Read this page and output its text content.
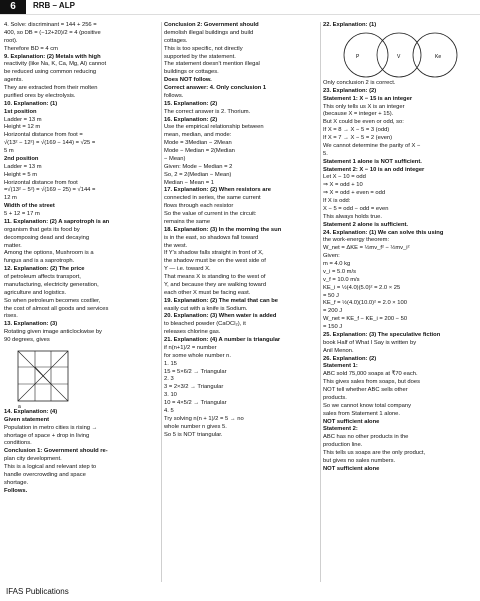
6	RRB – ALP

4. Solve: discriminant = 144 + 256 =

400, so DB = (−12+20)/2 = 4 (positive

root).

Therefore BD = 4 cm

9. Explanation: (2) Metals with high

reactivity (like Na, K, Ca, Mg, Al) cannot

be reduced using common reducing

agents.

They are extracted from their molten

purified ores by electrolysis.

10. Explanation: (1)

1st position

Ladder = 13 m

Height = 12 m

Horizontal distance from foot =

√(13² − 12²) = √(169 − 144) = √25 =

5 m

2nd position

Ladder = 13 m

Height = 5 m

Horizontal distance from foot

=√(13² − 5²) = √(169 − 25) = √144 =

12 m

Width of the street

5 + 12 = 17 m

11. Explanation: (2) A saprotroph is an

organism that gets its food by

decomposing dead and decaying

matter.

Among the options, Mushroom is a

fungus and is a saprotroph.

12. Explanation: (2) The price

of petroleum affects transport,

manufacturing, electricity generation,

agriculture and logistics.

So when petroleum becomes costlier,

the cost of almost all goods and services

rises.

13. Explanation: (3)

Rotating given image anticlockwise by

90 degrees, gives

a

14. Explanation: (4)

Given statement

Population in metro cities is rising →

shortage of space + drop in living

conditions.

Conclusion 1: Government should re-

plan city development.

This is a logical and relevant step to

handle overcrowding and space

shortage.

Follows.

Conclusion 2: Government should

demolish illegal buildings and build

cottages.

This is too specific, not directly

supported by the statement.

The statement doesn't mention illegal

buildings or cottages.

Does NOT follow.

Correct answer: 4. Only conclusion 1

follows.

15. Explanation: (2)

The correct answer is 2. Thorium.

16. Explanation: (2)

Use the empirical relationship between

mean, median, and mode:

Mode = 3Median − 2Mean

Mode − Median = 2(Median

− Mean)

Given: Mode − Median = 2

So, 2 = 2(Median − Mean)

Median − Mean = 1

17. Explanation: (2) When resistors are

connected in series, the same current

flows through each resistor

So the value of current in the circuit:

remains the same

18. Explanation: (3) In the morning the sun

is in the east, so shadows fall toward

the west.

If Y's shadow falls straight in front of X,

the shadow must be on the west side of

Y — i.e. toward X.

That means X is standing to the west of

Y, and because they are walking toward

each other X must be facing east.

19. Explanation: (2) The metal that can be

easily cut with a knife is Sodium.

20. Explanation: (3) When water is added

to bleached powder (CaOCl₂), it

releases chlorine gas.

21. Explanation: (4) A number is triangular

if n(n+1)/2 = number

for some whole number n.

1. 15

15 = 5×6/2 → Triangular

2. 3

3 = 2×3/2 → Triangular

3. 10

10 = 4×5/2 → Triangular

4. 5

Try solving n(n + 1)/2 = 5 → no

whole number n gives 5.

So 5 is NOT triangular.

22. Explanation: (1)

P	V	Ke

Only conclusion 2 is correct.

23. Explanation: (2)

Statement 1: X − 15 is an integer

This only tells us X is an integer

(because X = integer + 15).

But X could be even or odd, so:

If X = 8 → X − 5 = 3 (odd)

If X = 7 → X − 5 = 2 (even)

We cannot determine the parity of X −

5.

Statement 1 alone is NOT sufficient.

Statement 2: X − 10 is an odd integer

Let X − 10 = odd

⇒ X = odd + 10

⇒ X = odd + even = odd

If X is odd:

X − 5 = odd − odd = even

This always holds true.

Statement 2 alone is sufficient.

24. Explanation: (1) We can solve this using

the work-energy theorem:

W_net = ΔKE = ½mv_f² − ½mv_i²

Given:

m = 4.0 kg

v_i = 5.0 m/s

v_f = 10.0 m/s

KE_i = ½(4.0)(5.0)² = 2.0 × 25

= 50 J

KE_f = ½(4.0)(10.0)² = 2.0 × 100

= 200 J

W_net = KE_f − KE_i = 200 − 50

= 150 J

25. Explanation: (3) The speculative fiction

book Half of What I Say is written by

Anil Menon.

26. Explanation: (2)

Statement 1:

ABC sold 75,000 soaps at ₹70 each.

This gives sales from soaps, but does

NOT tell whether ABC sells other

products.

So we cannot know total company

sales from Statement 1 alone.

NOT sufficient alone

Statement 2:

ABC has no other products in the

production line.

This tells us soaps are the only product,

but gives no sales numbers.

NOT sufficient alone

IFAS Publications
